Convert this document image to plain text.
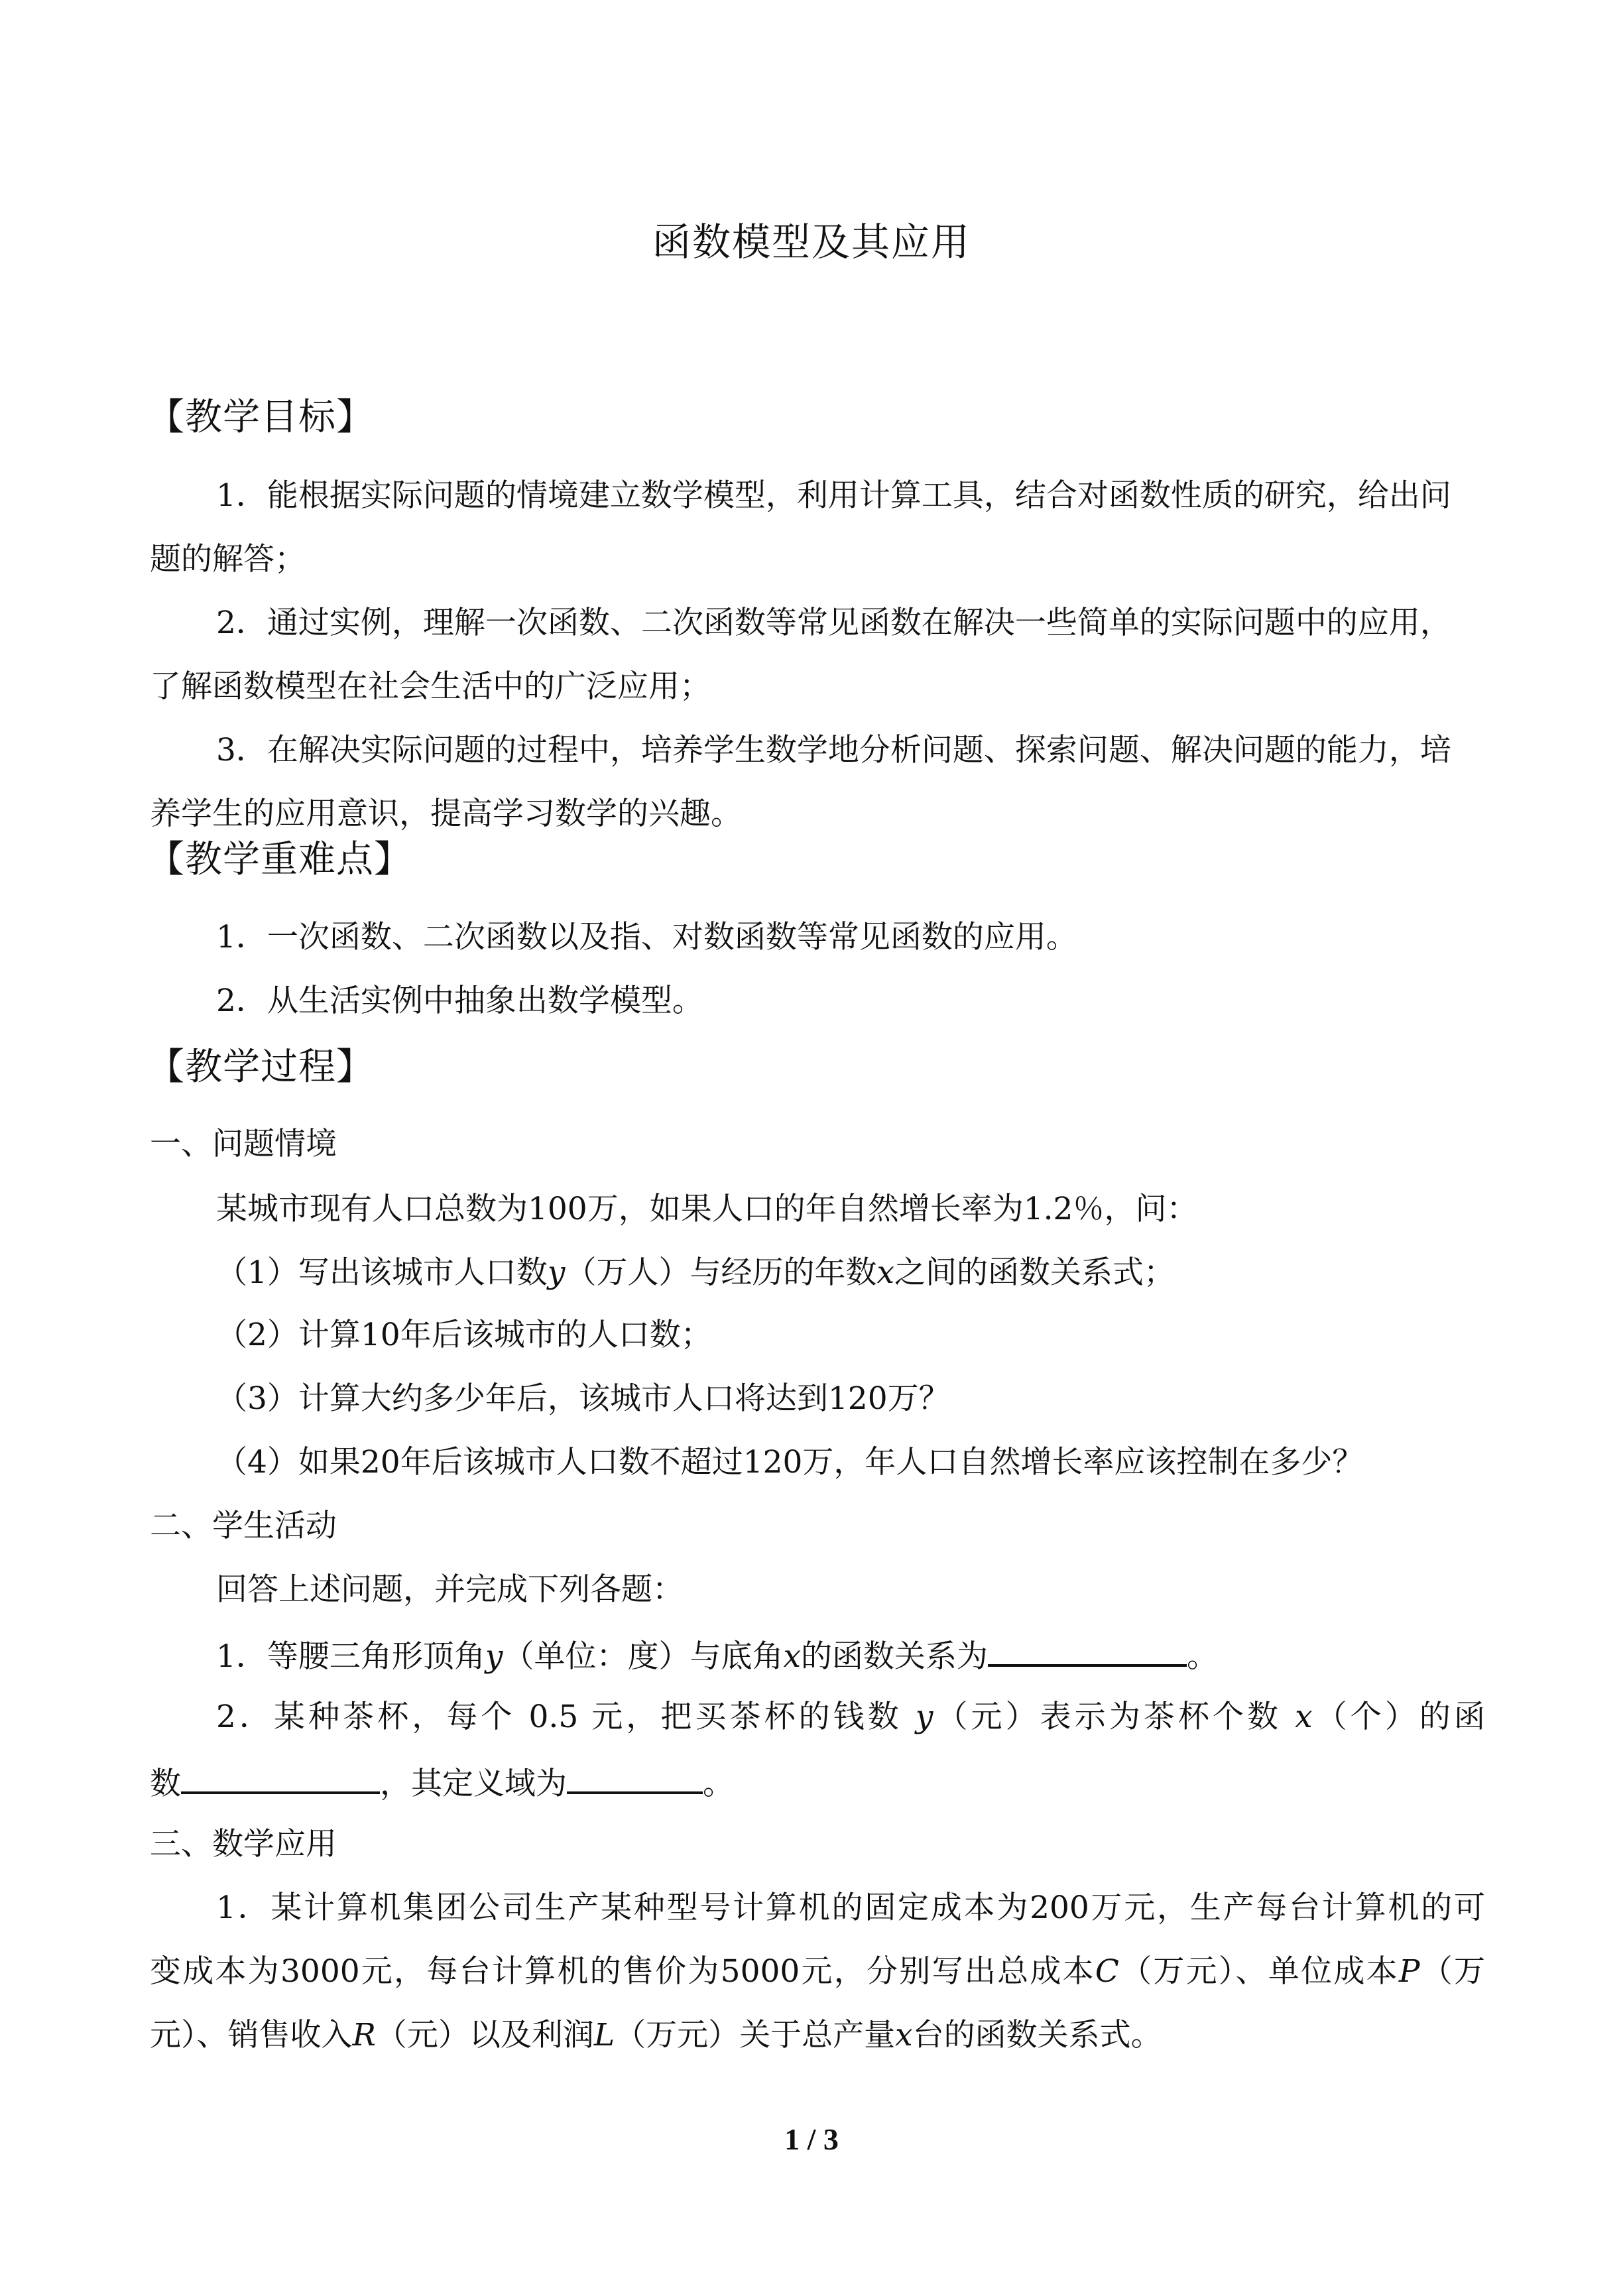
函数模型及其应用
【教学目标】
1．能根据实际问题的情境建立数学模型，利用计算工具，结合对函数性质的研究，给出问题的解答；
2．通过实例，理解一次函数、二次函数等常见函数在解决一些简单的实际问题中的应用，了解函数模型在社会生活中的广泛应用；
3．在解决实际问题的过程中，培养学生数学地分析问题、探索问题、解决问题的能力，培养学生的应用意识，提高学习数学的兴趣。
【教学重难点】
1．一次函数、二次函数以及指、对数函数等常见函数的应用。
2．从生活实例中抽象出数学模型。
【教学过程】
一、问题情境
某城市现有人口总数为100万，如果人口的年自然增长率为1.2％，问：
（1）写出该城市人口数y（万人）与经历的年数x之间的函数关系式；
（2）计算10年后该城市的人口数；
（3）计算大约多少年后，该城市人口将达到120万？
（4）如果20年后该城市人口数不超过120万，年人口自然增长率应该控制在多少？
二、学生活动
回答上述问题，并完成下列各题：
1．等腰三角形顶角y（单位：度）与底角x的函数关系为	。
2．某种茶杯，每个 0.5 元，把买茶杯的钱数 y（元）表示为茶杯个数 x（个）的函
数	，其定义域为	。
三、数学应用
1．某计算机集团公司生产某种型号计算机的固定成本为200万元，生产每台计算机的可
变成本为3000元，每台计算机的售价为5000元，分别写出总成本C（万元）、单位成本P（万
元）、销售收入R（元）以及利润L（万元）关于总产量x台的函数关系式。
1 / 3
